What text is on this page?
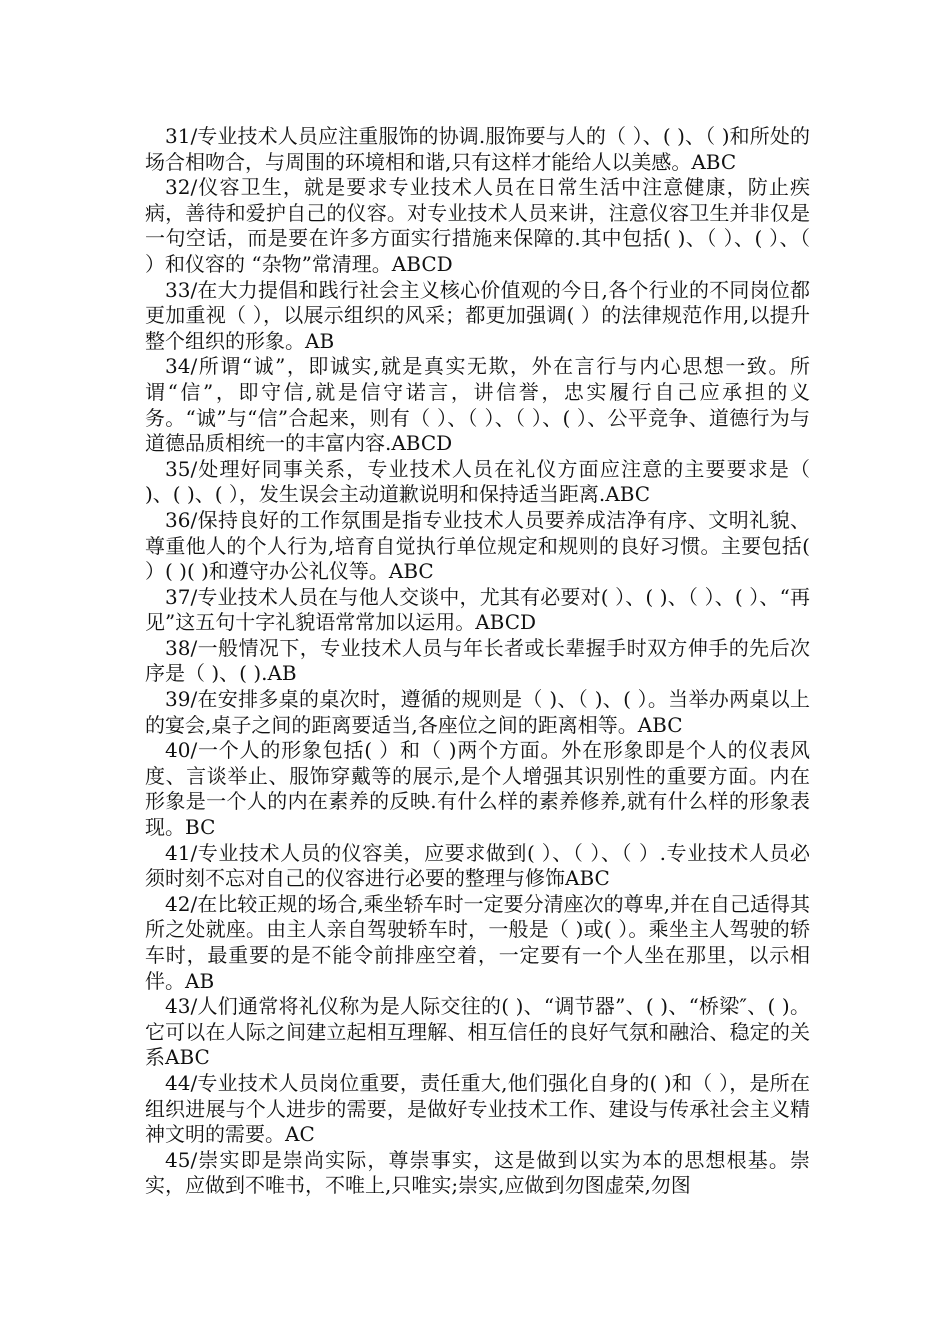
31/专业技术人员应注重服饰的协调.服饰要与人的（ ）、( )、（ )和所处的场合相吻合，与周围的环境相和谐,只有这样才能给人以美感。ABC

32/仪容卫生，就是要求专业技术人员在日常生活中注意健康，防止疾病，善待和爱护自己的仪容。对专业技术人员来讲，注意仪容卫生并非仅是一句空话，而是要在许多方面实行措施来保障的.其中包括( )、（ ）、( ）、（ ）和仪容的 “杂物”常清理。ABCD

33/在大力提倡和践行社会主义核心价值观的今日,各个行业的不同岗位都更加重视（ ），以展示组织的风采；都更加强调( ）的法律规范作用,以提升整个组织的形象。AB

34/所谓“诚”，即诚实,就是真实无欺，外在言行与内心思想一致。所谓“信”，即守信,就是信守诺言，讲信誉，忠实履行自己应承担的义务。“诚”与“信”合起来，则有（ ）、（ ）、（ ）、( ）、公平竞争、道德行为与道德品质相统一的丰富内容.ABCD

35/处理好同事关系，专业技术人员在礼仪方面应注意的主要要求是（ )、( )、( ），发生误会主动道歉说明和保持适当距离.ABC

36/保持良好的工作氛围是指专业技术人员要养成洁净有序、文明礼貌、尊重他人的个人行为,培育自觉执行单位规定和规则的良好习惯。主要包括( ）( )( )和遵守办公礼仪等。ABC

37/专业技术人员在与他人交谈中，尤其有必要对( ）、( )、（ ）、( ）、“再见”这五句十字礼貌语常常加以运用。ABCD

38/一般情况下，专业技术人员与年长者或长辈握手时双方伸手的先后次序是（ )、( ).AB

39/在安排多桌的桌次时，遵循的规则是（ )、（ )、( ）。当举办两桌以上的宴会,桌子之间的距离要适当,各座位之间的距离相等。ABC

40/一个人的形象包括( ）和（ )两个方面。外在形象即是个人的仪表风度、言谈举止、服饰穿戴等的展示,是个人增强其识别性的重要方面。内在形象是一个人的内在素养的反映.有什么样的素养修养,就有什么样的形象表现。BC

41/专业技术人员的仪容美，应要求做到( ）、（ ）、（ ）.专业技术人员必须时刻不忘对自己的仪容进行必要的整理与修饰ABC

42/在比较正规的场合,乘坐轿车时一定要分清座次的尊卑,并在自己适得其所之处就座。由主人亲自驾驶轿车时，一般是（ )或( ）。乘坐主人驾驶的轿车时，最重要的是不能令前排座空着，一定要有一个人坐在那里，以示相伴。AB

43/人们通常将礼仪称为是人际交往的( )、“调节器”、( )、“桥梁″、( )。它可以在人际之间建立起相互理解、相互信任的良好气氛和融洽、稳定的关系ABC

44/专业技术人员岗位重要，责任重大,他们强化自身的( )和（ ），是所在组织进展与个人进步的需要，是做好专业技术工作、建设与传承社会主义精神文明的需要。AC

45/崇实即是崇尚实际，尊崇事实，这是做到以实为本的思想根基。崇实，应做到不唯书，不唯上,只唯实;崇实,应做到勿图虚荣,勿图
